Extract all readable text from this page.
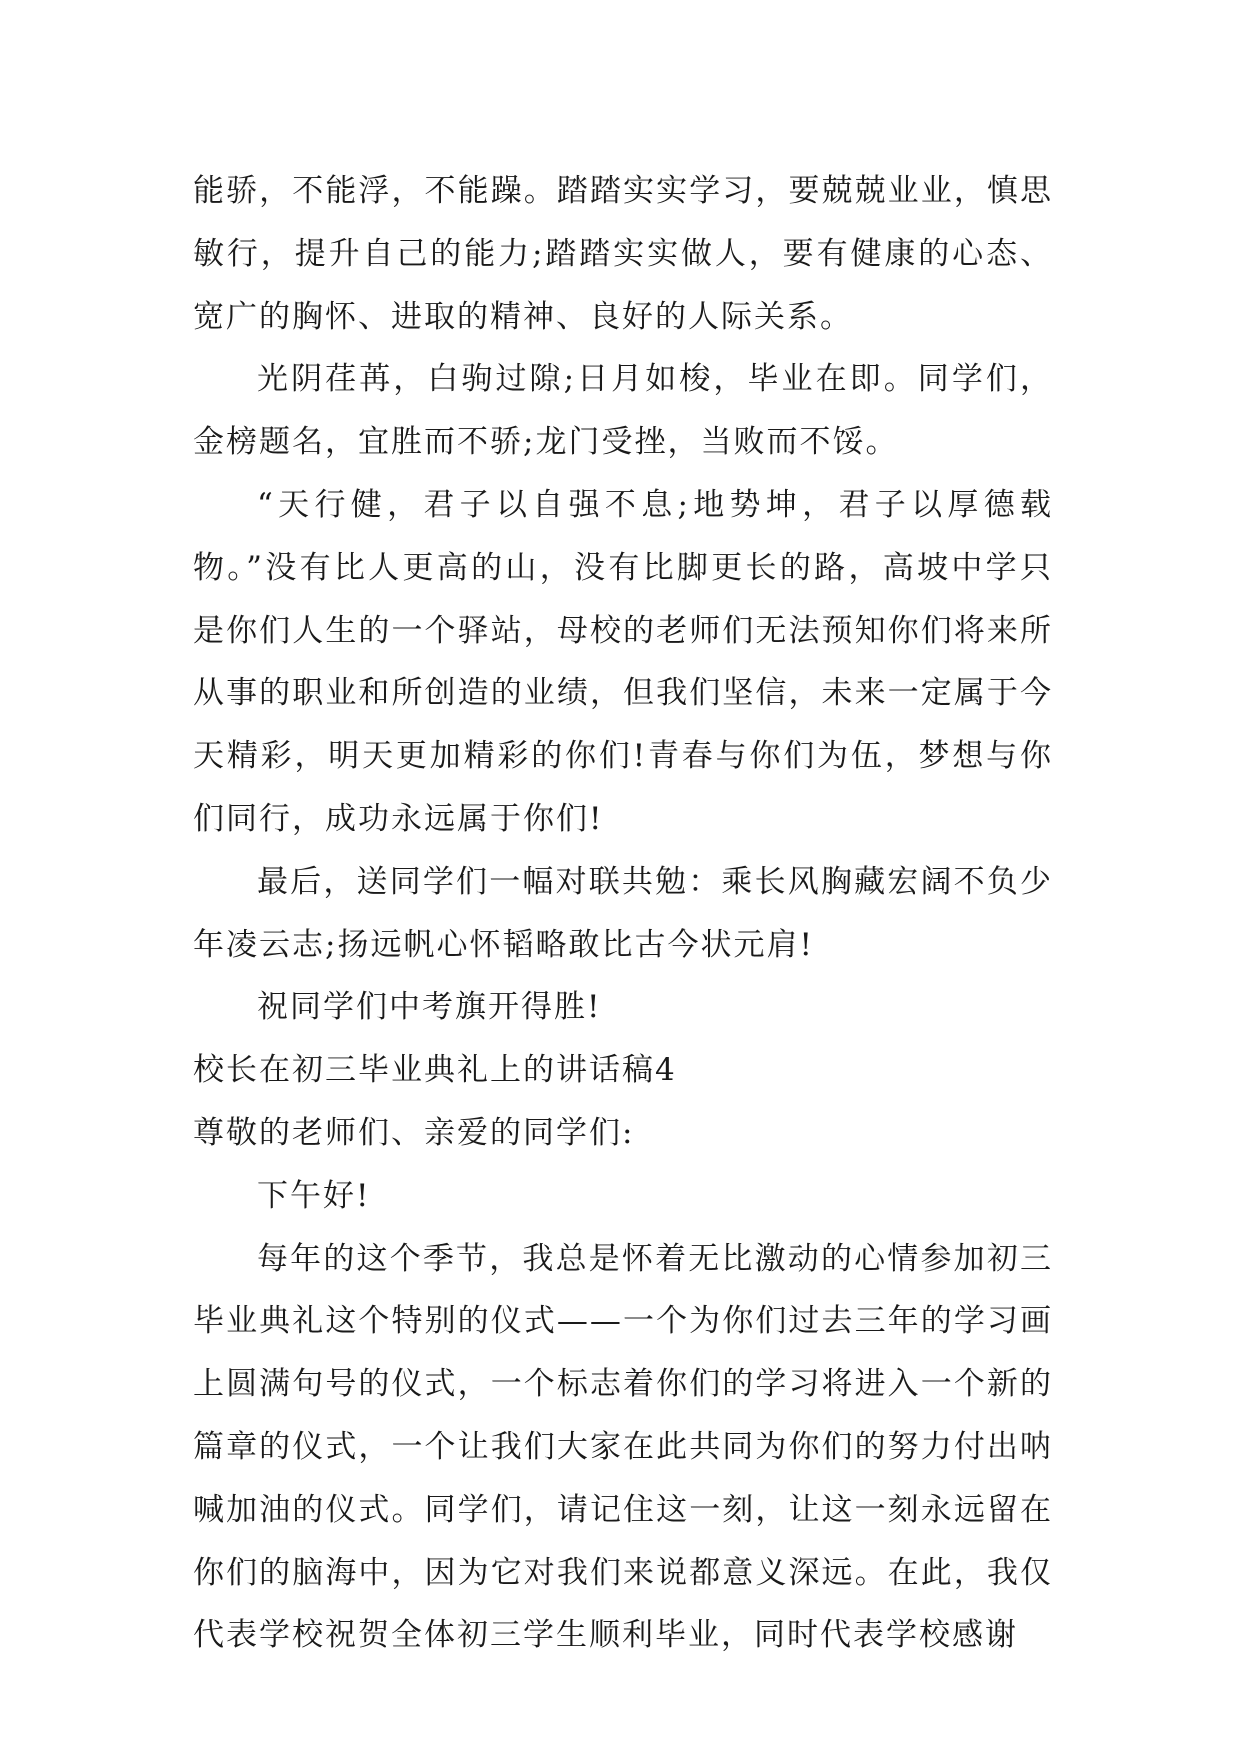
能骄，不能浮，不能躁。踏踏实实学习，要兢兢业业，慎思敏行，提升自己的能力;踏踏实实做人，要有健康的心态、宽广的胸怀、进取的精神、良好的人际关系。

光阴荏苒，白驹过隙;日月如梭，毕业在即。同学们，金榜题名，宜胜而不骄;龙门受挫，当败而不馁。

“天行健，君子以自强不息;地势坤，君子以厚德载物。”没有比人更高的山，没有比脚更长的路，高坡中学只是你们人生的一个驿站，母校的老师们无法预知你们将来所从事的职业和所创造的业绩，但我们坚信，未来一定属于今天精彩，明天更加精彩的你们!青春与你们为伍，梦想与你们同行，成功永远属于你们!

最后，送同学们一幅对联共勉：乘长风胸藏宏阔不负少年凌云志;扬远帆心怀韬略敢比古今状元肩!

祝同学们中考旗开得胜!

校长在初三毕业典礼上的讲话稿4

尊敬的老师们、亲爱的同学们:

下午好!

每年的这个季节，我总是怀着无比激动的心情参加初三毕业典礼这个特别的仪式——一个为你们过去三年的学习画上圆满句号的仪式，一个标志着你们的学习将进入一个新的篇章的仪式，一个让我们大家在此共同为你们的努力付出呐喊加油的仪式。同学们，请记住这一刻，让这一刻永远留在你们的脑海中，因为它对我们来说都意义深远。在此，我仅代表学校祝贺全体初三学生顺利毕业，同时代表学校感谢
